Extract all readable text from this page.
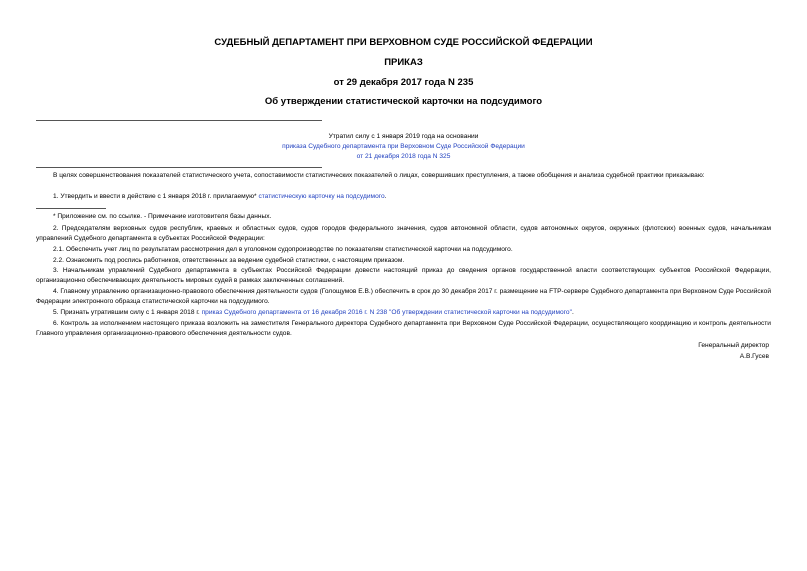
СУДЕБНЫЙ ДЕПАРТАМЕНТ ПРИ ВЕРХОВНОМ СУДЕ РОССИЙСКОЙ ФЕДЕРАЦИИ
ПРИКАЗ
от 29 декабря 2017 года N 235
Об утверждении статистической карточки на подсудимого
Утратил силу с 1 января 2019 года на основании
приказа Судебного департамента при Верховном Суде Российской Федерации
от 21 декабря 2018 года N 325
В целях совершенствования показателей статистического учета, сопоставимости статистических показателей о лицах, совершивших преступления, а также обобщения и анализа судебной практики приказываю:
1. Утвердить и ввести в действие с 1 января 2018 г. прилагаемую* статистическую карточку на подсудимого.
* Приложение см. по ссылке. - Примечание изготовителя базы данных.
2. Председателям верховных судов республик, краевых и областных судов, судов городов федерального значения, судов автономной области, судов автономных округов, окружных (флотских) военных судов, начальникам управлений Судебного департамента в субъектах Российской Федерации:
2.1. Обеспечить учет лиц по результатам рассмотрения дел в уголовном судопроизводстве по показателям статистической карточки на подсудимого.
2.2. Ознакомить под роспись работников, ответственных за ведение судебной статистики, с настоящим приказом.
3. Начальникам управлений Судебного департамента в субъектах Российской Федерации довести настоящий приказ до сведения органов государственной власти соответствующих субъектов Российской Федерации, организационно обеспечивающих деятельность мировых судей в рамках заключенных соглашений.
4. Главному управлению организационно-правового обеспечения деятельности судов (Голощумов Е.В.) обеспечить в срок до 30 декабря 2017 г. размещение на FTP-сервере Судебного департамента при Верховном Суде Российской Федерации электронного образца статистической карточки на подсудимого.
5. Признать утратившим силу с 1 января 2018 г. приказ Судебного департамента от 16 декабря 2016 г. N 238 "Об утверждении статистической карточки на подсудимого".
6. Контроль за исполнением настоящего приказа возложить на заместителя Генерального директора Судебного департамента при Верховном Суде Российской Федерации, осуществляющего координацию и контроль деятельности Главного управления организационно-правового обеспечения деятельности судов.
Генеральный директор
А.В.Гусев
